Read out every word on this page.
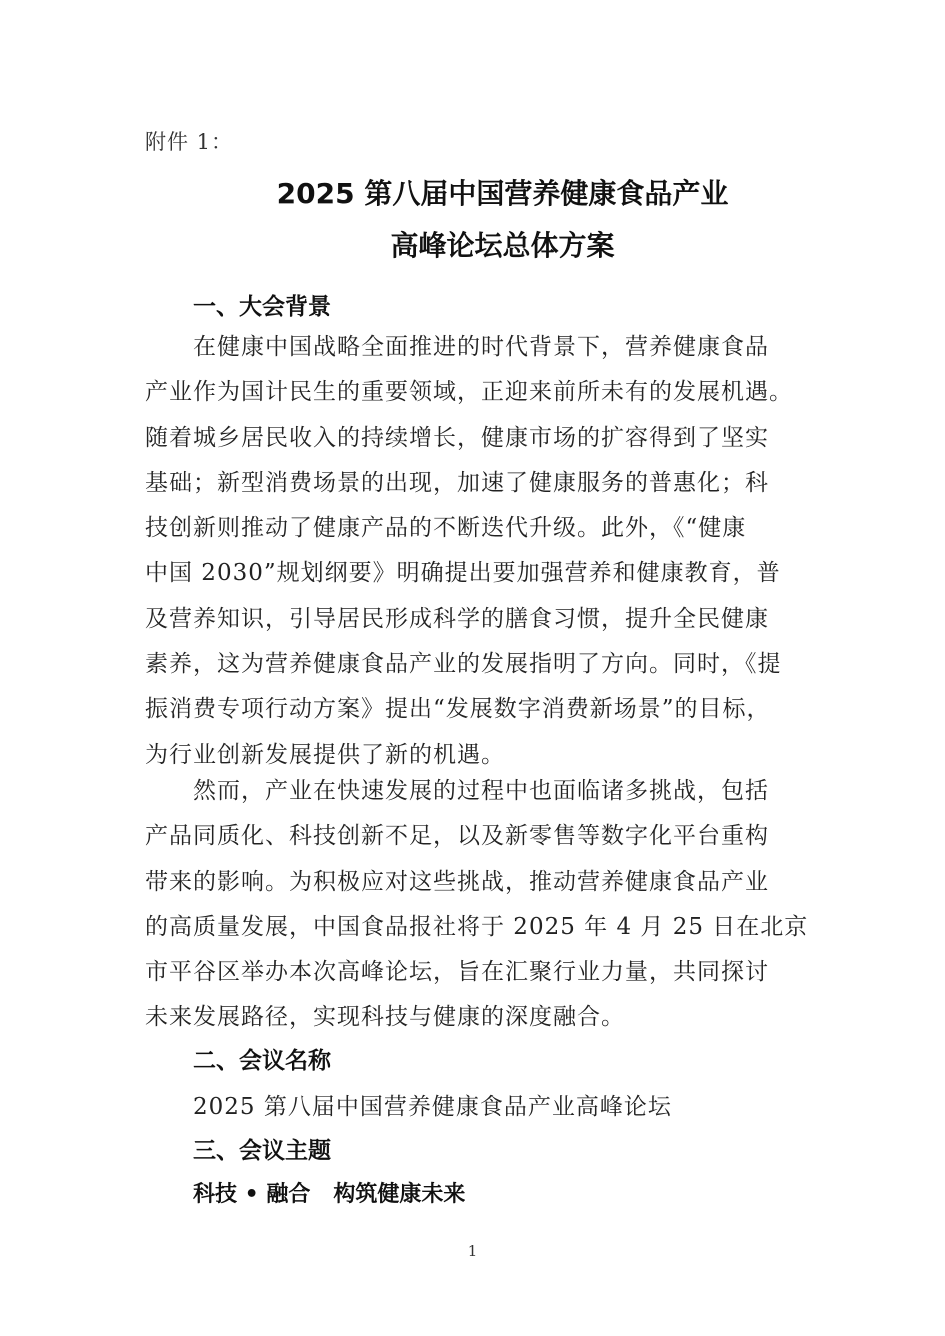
附件 1：
2025 第八届中国营养健康食品产业
高峰论坛总体方案
一、大会背景
在健康中国战略全面推进的时代背景下，营养健康食品
产业作为国计民生的重要领域，正迎来前所未有的发展机遇。
随着城乡居民收入的持续增长，健康市场的扩容得到了坚实
基础；新型消费场景的出现，加速了健康服务的普惠化；科
技创新则推动了健康产品的不断迭代升级。此外，《“健康
中国 2030”规划纲要》明确提出要加强营养和健康教育，普
及营养知识，引导居民形成科学的膳食习惯，提升全民健康
素养，这为营养健康食品产业的发展指明了方向。同时，《提
振消费专项行动方案》提出“发展数字消费新场景”的目标，
为行业创新发展提供了新的机遇。
然而，产业在快速发展的过程中也面临诸多挑战，包括
产品同质化、科技创新不足，以及新零售等数字化平台重构
带来的影响。为积极应对这些挑战，推动营养健康食品产业
的高质量发展，中国食品报社将于 2025 年 4 月 25 日在北京
市平谷区举办本次高峰论坛，旨在汇聚行业力量，共同探讨
未来发展路径，实现科技与健康的深度融合。
二、会议名称
2025 第八届中国营养健康食品产业高峰论坛
三、会议主题
科技 • 融合   构筑健康未来
1
